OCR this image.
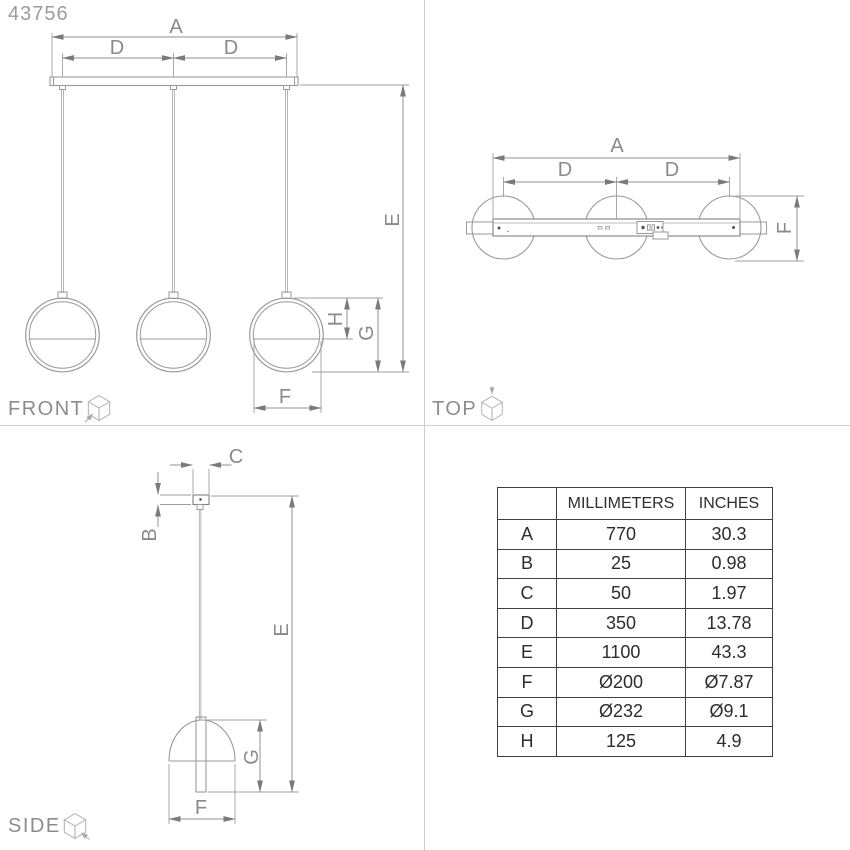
43756
A
D	D
E
G
H
F
A
D	D
F
C
B
E
G
F
FRONT	TOP
SIDE
	MILLIMETERS	INCHES
A	770	30.3
B	25	0.98
C	50	1.97
D	350	13.78
E	1100	43.3
F	Ø200	Ø7.87
G	Ø232	Ø9.1
H	125	4.9
